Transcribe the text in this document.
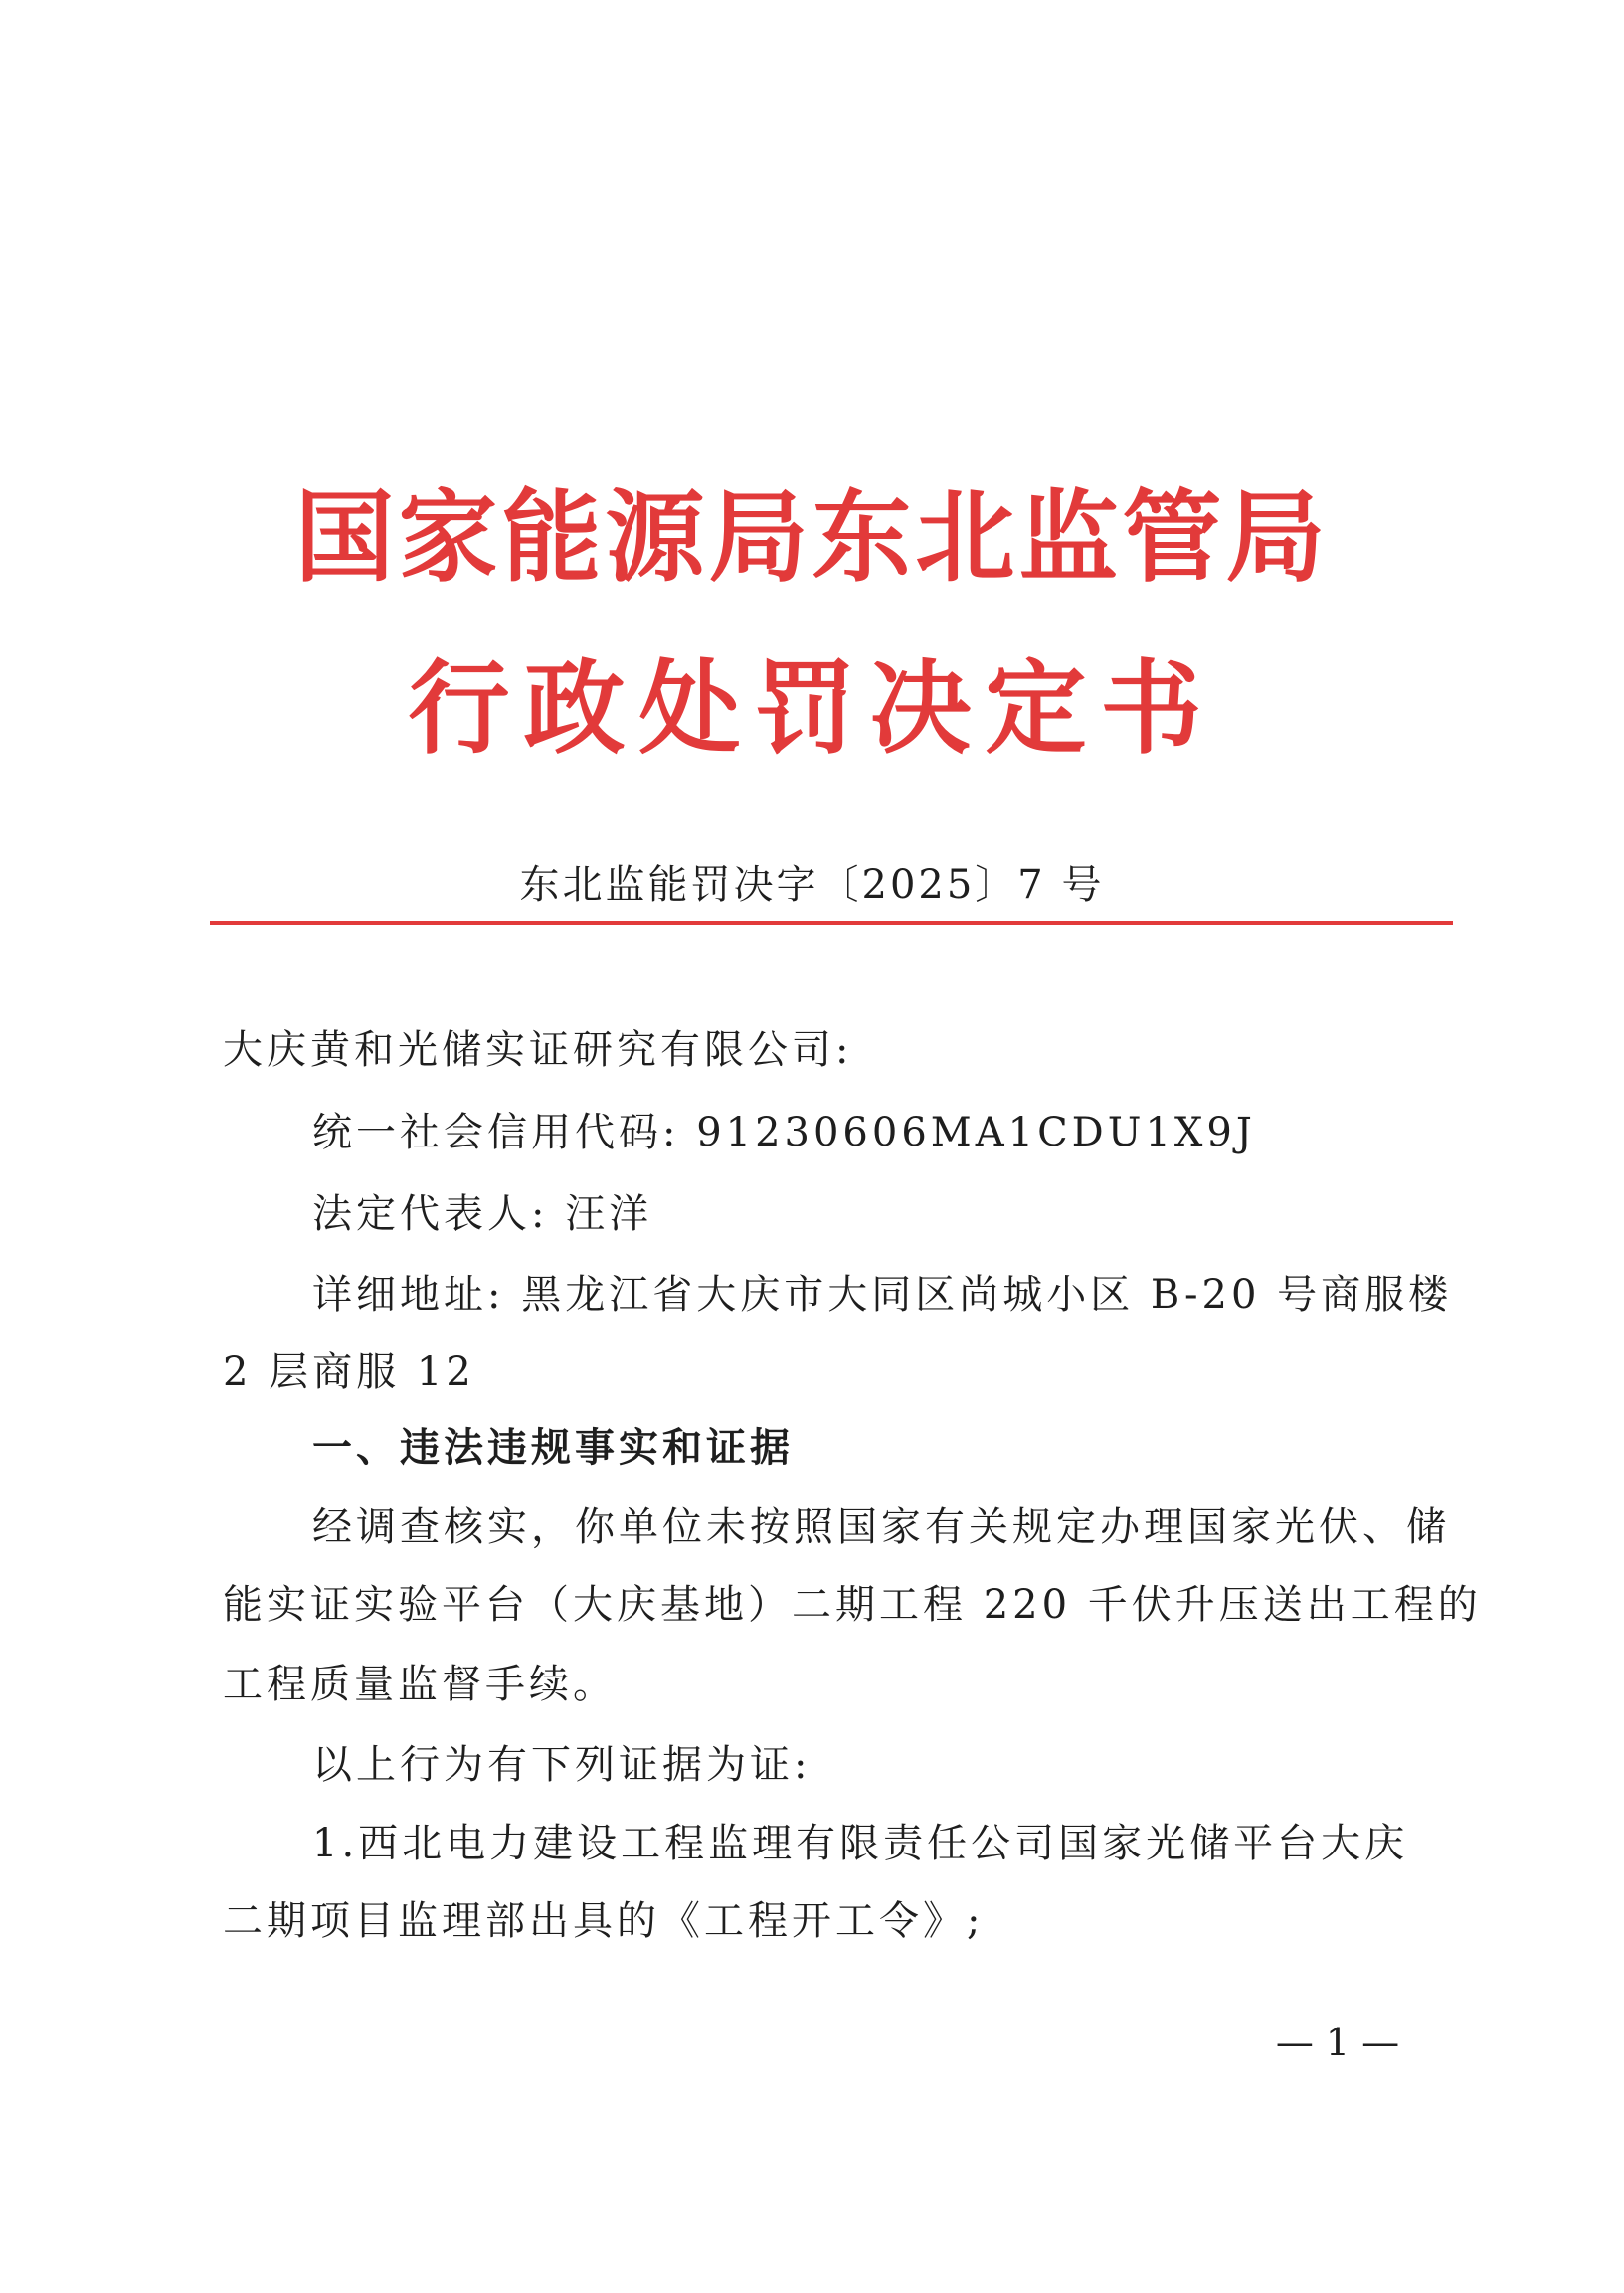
国家能源局东北监管局
行政处罚决定书
东北监能罚决字〔2025〕7 号
大庆黄和光储实证研究有限公司:
统一社会信用代码: 91230606MA1CDU1X9J
法定代表人: 汪洋
详细地址: 黑龙江省大庆市大同区尚城小区 B-20 号商服楼
2 层商服 12
一、违法违规事实和证据
经调查核实，你单位未按照国家有关规定办理国家光伏、储
能实证实验平台（大庆基地）二期工程 220 千伏升压送出工程的
工程质量监督手续。
以上行为有下列证据为证:
1.西北电力建设工程监理有限责任公司国家光储平台大庆
二期项目监理部出具的《工程开工令》;
— 1 —
